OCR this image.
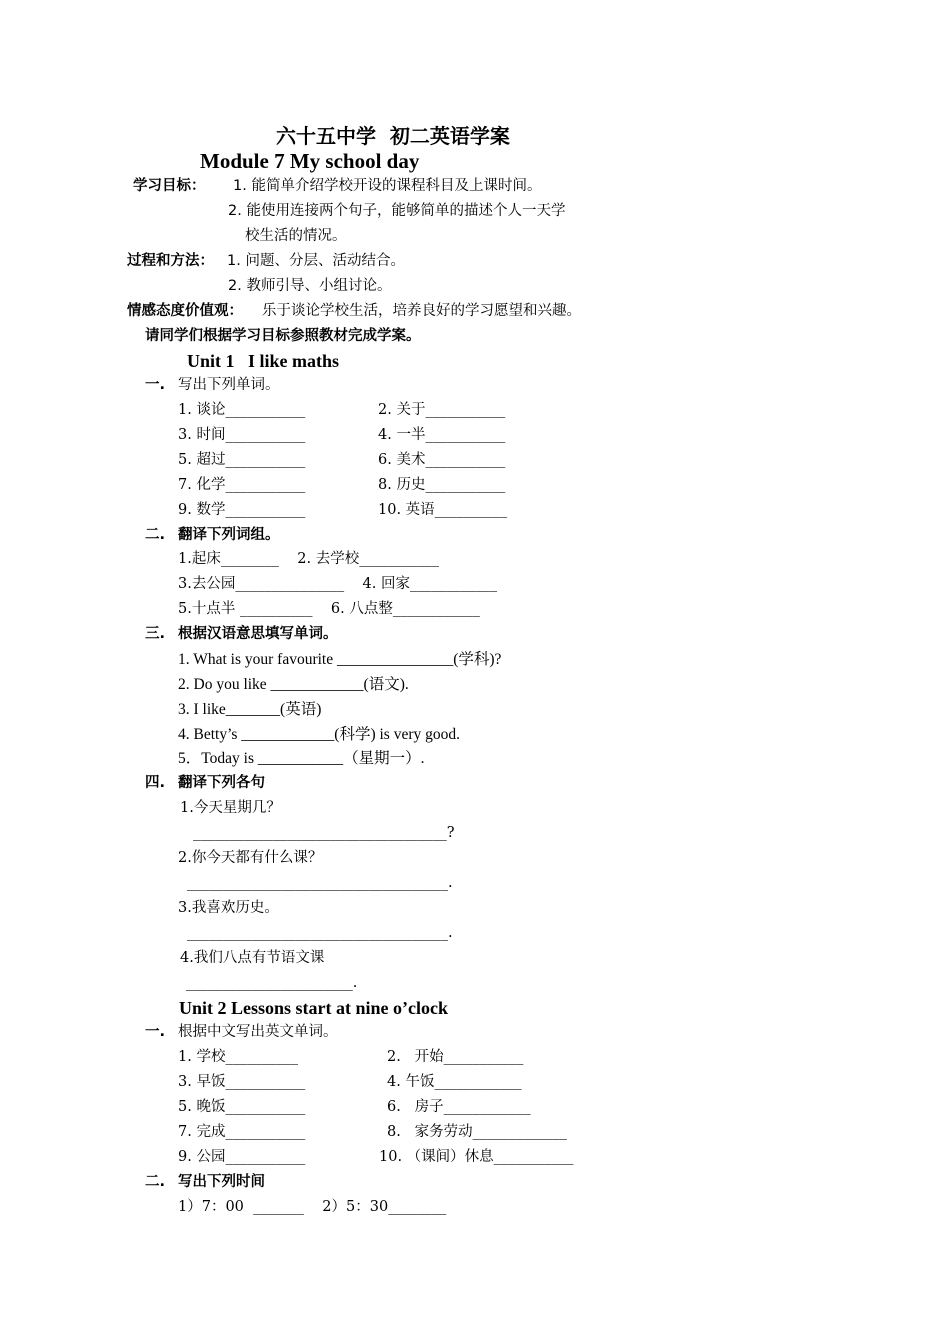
六十五中学  初二英语学案
Module 7 My school day
学习目标： 1. 能简单介绍学校开设的课程科目及上课时间。
2. 能使用连接两个句子，能够简单的描述个人一天学
校生活的情况。
过程和方法： 1. 问题、分层、活动结合。
2. 教师引导、小组讨论。
情感态度价值观： 乐于谈论学校生活，培养良好的学习愿望和兴趣。
请同学们根据学习目标参照教材完成学案。
Unit 1   I like maths
一. 写出下列单词。
1. 谈论___________	2. 关于___________
3. 时间___________	4. 一半___________
5. 超过___________	6. 美术___________
7. 化学___________	8. 历史___________
9. 数学___________	10. 英语__________
二. 翻译下列词组。
1.起床________    2. 去学校___________
3.去公园_______________    4. 回家____________
5.十点半 __________    6. 八点整____________
三. 根据汉语意思填写单词。
1. What is your favourite _______________(学科)?
2. Do you like ____________(语文).
3. I like_______(英语)
4. Betty’s ____________(科学) is very good.
5．Today is ___________（星期一）.
四. 翻译下列各句
1.今天星期几？
___________________________________?
2.你今天都有什么课？
____________________________________.
3.我喜欢历史。
____________________________________.
4.我们八点有节语文课
_______________________.
Unit 2 Lessons start at nine o’clock
一. 根据中文写出英文单词。
1. 学校__________	2.   开始___________
3. 早饭___________	4. 午饭____________
5. 晚饭___________	6.   房子____________
7. 完成___________	8.   家务劳动_____________
9. 公园___________	10. （课间）休息___________
二. 写出下列时间
1）7：00  _______    2）5：30________
